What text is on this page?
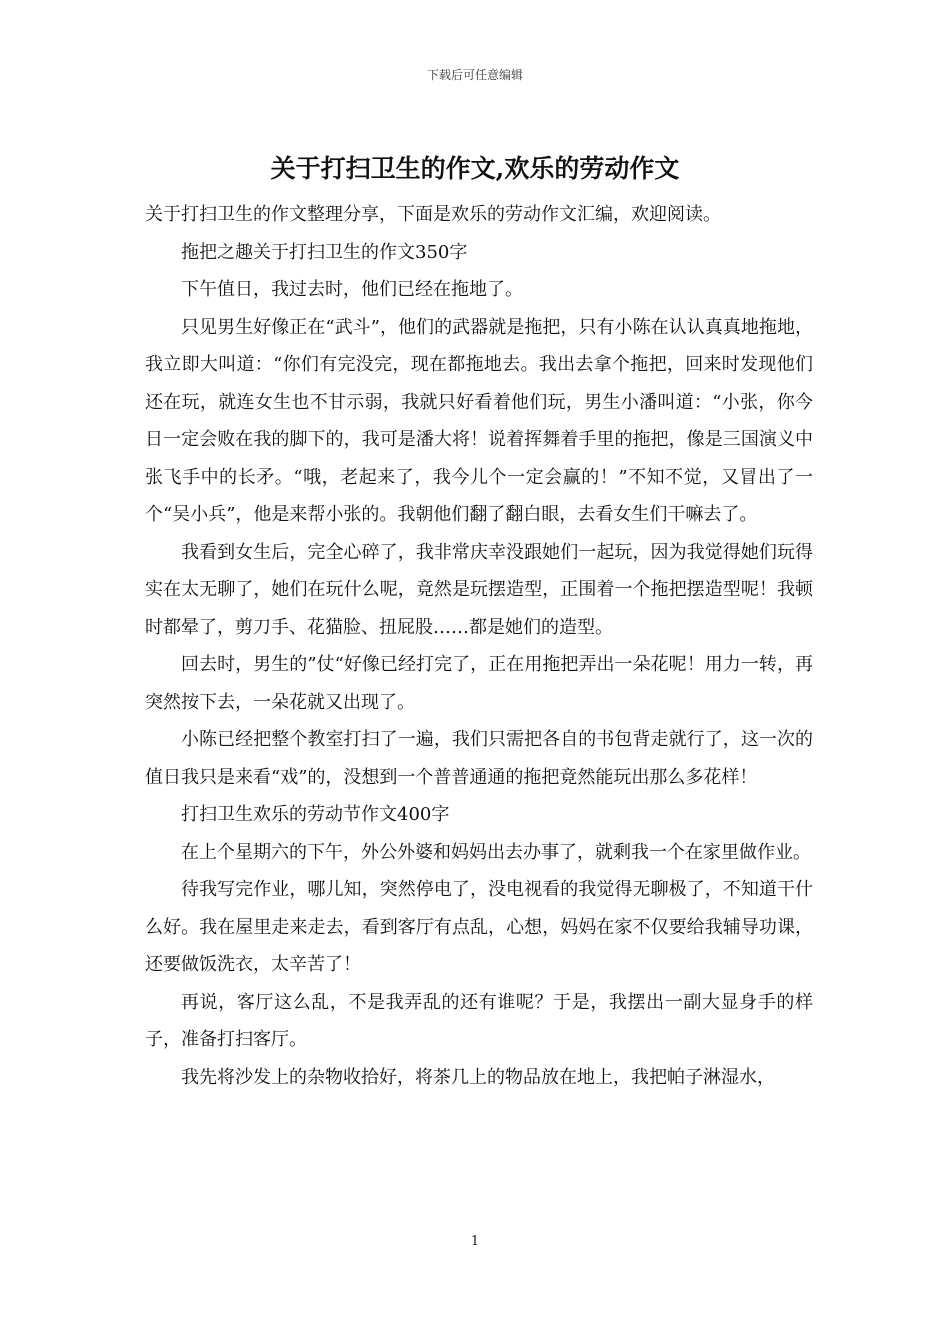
下载后可任意编辑
关于打扫卫生的作文,欢乐的劳动作文

关于打扫卫生的作文整理分享，下面是欢乐的劳动作文汇编，欢迎阅读。

拖把之趣关于打扫卫生的作文350字

下午值日，我过去时，他们已经在拖地了。

只见男生好像正在“武斗”，他们的武器就是拖把，只有小陈在认认真真地拖地，我立即大叫道：“你们有完没完，现在都拖地去。我出去拿个拖把，回来时发现他们还在玩，就连女生也不甘示弱，我就只好看着他们玩，男生小潘叫道：“小张，你今日一定会败在我的脚下的，我可是潘大将！说着挥舞着手里的拖把，像是三国演义中张飞手中的长矛。“哦，老起来了，我今儿个一定会赢的！”不知不觉，又冒出了一个“吴小兵”，他是来帮小张的。我朝他们翻了翻白眼，去看女生们干嘛去了。

我看到女生后，完全心碎了，我非常庆幸没跟她们一起玩，因为我觉得她们玩得实在太无聊了，她们在玩什么呢，竟然是玩摆造型，正围着一个拖把摆造型呢！我顿时都晕了，剪刀手、花猫脸、扭屁股……都是她们的造型。

回去时，男生的”仗“好像已经打完了，正在用拖把弄出一朵花呢！用力一转，再突然按下去，一朵花就又出现了。

小陈已经把整个教室打扫了一遍，我们只需把各自的书包背走就行了，这一次的值日我只是来看“戏”的，没想到一个普普通通的拖把竟然能玩出那么多花样！

打扫卫生欢乐的劳动节作文400字

在上个星期六的下午，外公外婆和妈妈出去办事了，就剩我一个在家里做作业。

待我写完作业，哪儿知，突然停电了，没电视看的我觉得无聊极了，不知道干什么好。我在屋里走来走去，看到客厅有点乱，心想，妈妈在家不仅要给我辅导功课，还要做饭洗衣，太辛苦了！

再说，客厅这么乱，不是我弄乱的还有谁呢？于是，我摆出一副大显身手的样子，准备打扫客厅。

我先将沙发上的杂物收拾好，将茶几上的物品放在地上，我把帕子淋湿水，

1
